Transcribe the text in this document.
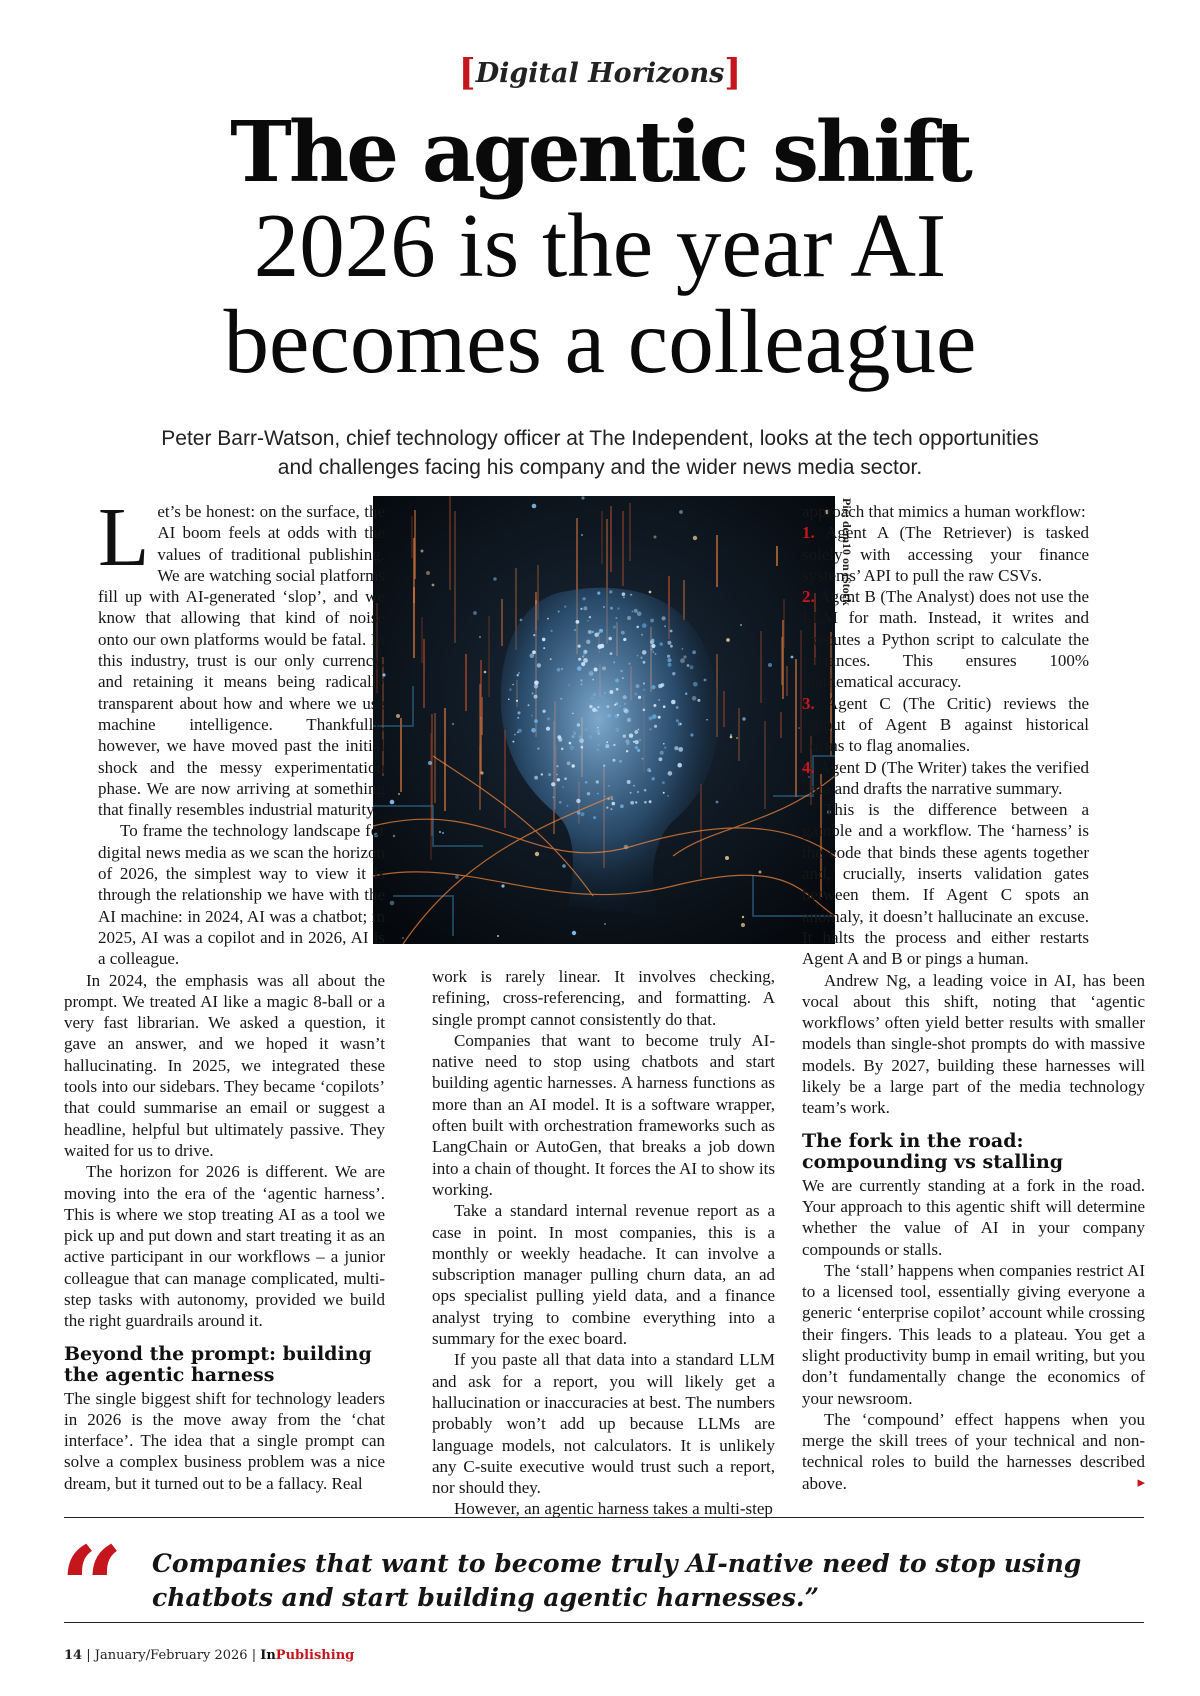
[Digital Horizons]
The agentic shift
2026 is the year AI
becomes a colleague
Peter Barr-Watson, chief technology officer at The Independent, looks at the tech opportunities
and challenges facing his company and the wider news media sector.
Pic: dem10 on iStock

Let’s be honest: on the surface, the AI boom feels at odds with the values of traditional publishing. We are watching social platforms fill up with AI-generated ‘slop’, and we know that allowing that kind of noise onto our own platforms would be fatal. In this industry, trust is our only currency, and retaining it means being radically transparent about how and where we use machine intelligence. Thankfully, however, we have moved past the initial shock and the messy experimentation phase. We are now arriving at something that finally resembles industrial maturity.

To frame the technology landscape for digital news media as we scan the horizon of 2026, the simplest way to view it is through the relationship we have with the AI machine: in 2024, AI was a chatbot; in 2025, AI was a copilot and in 2026, AI is a colleague.

In 2024, the emphasis was all about the prompt. We treated AI like a magic 8-ball or a very fast librarian. We asked a question, it gave an answer, and we hoped it wasn’t hallucinating. In 2025, we integrated these tools into our sidebars. They became ‘copilots’ that could summarise an email or suggest a headline, helpful but ultimately passive. They waited for us to drive.

The horizon for 2026 is different. We are moving into the era of the ‘agentic harness’. This is where we stop treating AI as a tool we pick up and put down and start treating it as an active participant in our workflows – a junior colleague that can manage complicated, multi-step tasks with autonomy, provided we build the right guardrails around it.

Beyond the prompt: building the agentic harness

The single biggest shift for technology leaders in 2026 is the move away from the ‘chat interface’. The idea that a single prompt can solve a complex business problem was a nice dream, but it turned out to be a fallacy. Real

work is rarely linear. It involves checking, refining, cross-referencing, and formatting. A single prompt cannot consistently do that.

Companies that want to become truly AI-native need to stop using chatbots and start building agentic harnesses. A harness functions as more than an AI model. It is a software wrapper, often built with orchestration frameworks such as LangChain or AutoGen, that breaks a job down into a chain of thought. It forces the AI to show its working.

Take a standard internal revenue report as a case in point. In most companies, this is a monthly or weekly headache. It can involve a subscription manager pulling churn data, an ad ops specialist pulling yield data, and a finance analyst trying to combine everything into a summary for the exec board.

If you paste all that data into a standard LLM and ask for a report, you will likely get a hallucination or inaccuracies at best. The numbers probably won’t add up because LLMs are language models, not calculators. It is unlikely any C-suite executive would trust such a report, nor should they.

However, an agentic harness takes a multi-step

approach that mimics a human workflow:

1. Agent A (The Retriever) is tasked solely with accessing your finance systems’ API to pull the raw CSVs.

2. Agent B (The Analyst) does not use the LLM for math. Instead, it writes and executes a Python script to calculate the variances. This ensures 100% mathematical accuracy.

3. Agent C (The Critic) reviews the output of Agent B against historical norms to flag anomalies.

4. Agent D (The Writer) takes the verified data and drafts the narrative summary.

This is the difference between a gamble and a workflow. The ‘harness’ is the code that binds these agents together and, crucially, inserts validation gates between them. If Agent C spots an anomaly, it doesn’t hallucinate an excuse. It halts the process and either restarts Agent A and B or pings a human.

Andrew Ng, a leading voice in AI, has been vocal about this shift, noting that ‘agentic workflows’ often yield better results with smaller models than single-shot prompts do with massive models. By 2027, building these harnesses will likely be a large part of the media technology team’s work.

The fork in the road: compounding vs stalling

We are currently standing at a fork in the road. Your approach to this agentic shift will determine whether the value of AI in your company compounds or stalls.

The ‘stall’ happens when companies restrict AI to a licensed tool, essentially giving everyone a generic ‘enterprise copilot’ account while crossing their fingers. This leads to a plateau. You get a slight productivity bump in email writing, but you don’t fundamentally change the economics of your newsroom.

The ‘compound’ effect happens when you merge the skill trees of your technical and non-technical roles to build the harnesses described above.	▸

“ Companies that want to become truly AI-native need to stop using chatbots and start building agentic harnesses.”
14 | January/February 2026 | InPublishing
